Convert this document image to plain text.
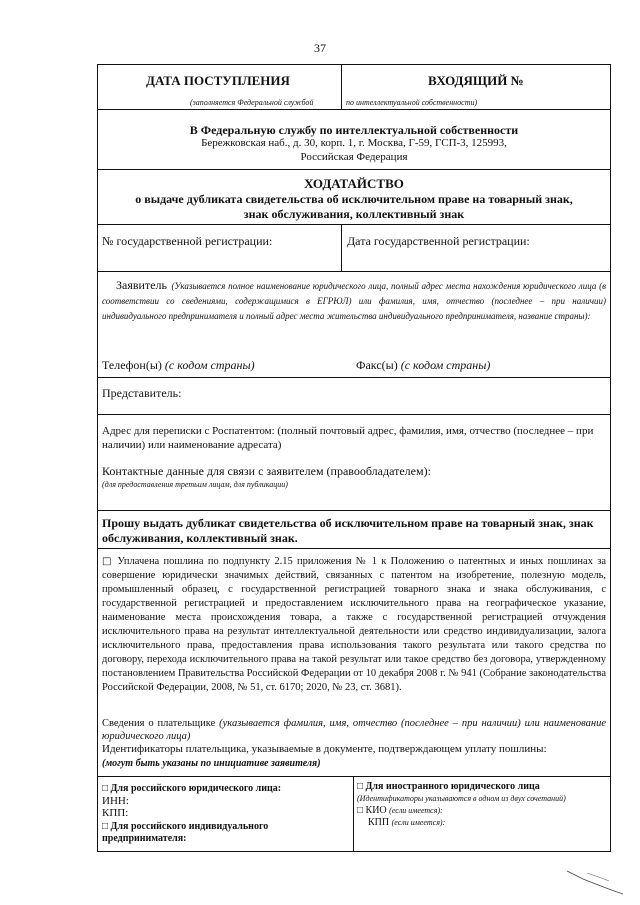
37
ДАТА ПОСТУПЛЕНИЯ	ВХОДЯЩИЙ №
(заполняется Федеральной службой	по интеллектуальной собственности)
В Федеральную службу по интеллектуальной собственности
Бережковская наб., д. 30, корп. 1, г. Москва, Г-59, ГСП-3, 125993,
Российская Федерация
ХОДАТАЙСТВО
о выдаче дубликата свидетельства об исключительном праве на товарный знак,
знак обслуживания, коллективный знак
№ государственной регистрации:	Дата государственной регистрации:
Заявитель (Указывается полное наименование юридического лица, полный адрес места нахождения юридического лица (в соответствии со сведениями, содержащимися в ЕГРЮЛ) или фамилия, имя, отчество (последнее – при наличии) индивидуального предпринимателя и полный адрес места жительства индивидуального предпринимателя, название страны):
Телефон(ы) (с кодом страны)	Факс(ы) (с кодом страны)
Представитель:
Адрес для переписки с Роспатентом: (полный почтовый адрес, фамилия, имя, отчество (последнее – при наличии) или наименование адресата)
Контактные данные для связи с заявителем (правообладателем):
(для предоставления третьим лицам, для публикации)
Прошу выдать дубликат свидетельства об исключительном праве на товарный знак, знак обслуживания, коллективный знак.
□ Уплачена пошлина по подпункту 2.15 приложения № 1 к Положению о патентных и иных пошлинах за совершение юридически значимых действий, связанных с патентом на изобретение, полезную модель, промышленный образец, с государственной регистрацией товарного знака и знака обслуживания, с государственной регистрацией и предоставлением исключительного права на географическое указание, наименование места происхождения товара, а также с государственной регистрацией отчуждения исключительного права на результат интеллектуальной деятельности или средство индивидуализации, залога исключительного права, предоставления права использования такого результата или такого средства по договору, перехода исключительного права на такой результат или такое средство без договора, утвержденному постановлением Правительства Российской Федерации от 10 декабря 2008 г. № 941 (Собрание законодательства Российской Федерации, 2008, № 51, ст. 6170; 2020, № 23, ст. 3681).
Сведения о плательщике (указывается фамилия, имя, отчество (последнее – при наличии) или наименование юридического лица)
Идентификаторы плательщика, указываемые в документе, подтверждающем уплату пошлины:
(могут быть указаны по инициативе заявителя)
□ Для российского юридического лица:
ИНН:
КПП:
□ Для российского индивидуального
предпринимателя:
□ Для иностранного юридического лица
(Идентификаторы указываются в одном из двух сочетаний)
□ КИО (если имеется):
КПП (если имеется):
